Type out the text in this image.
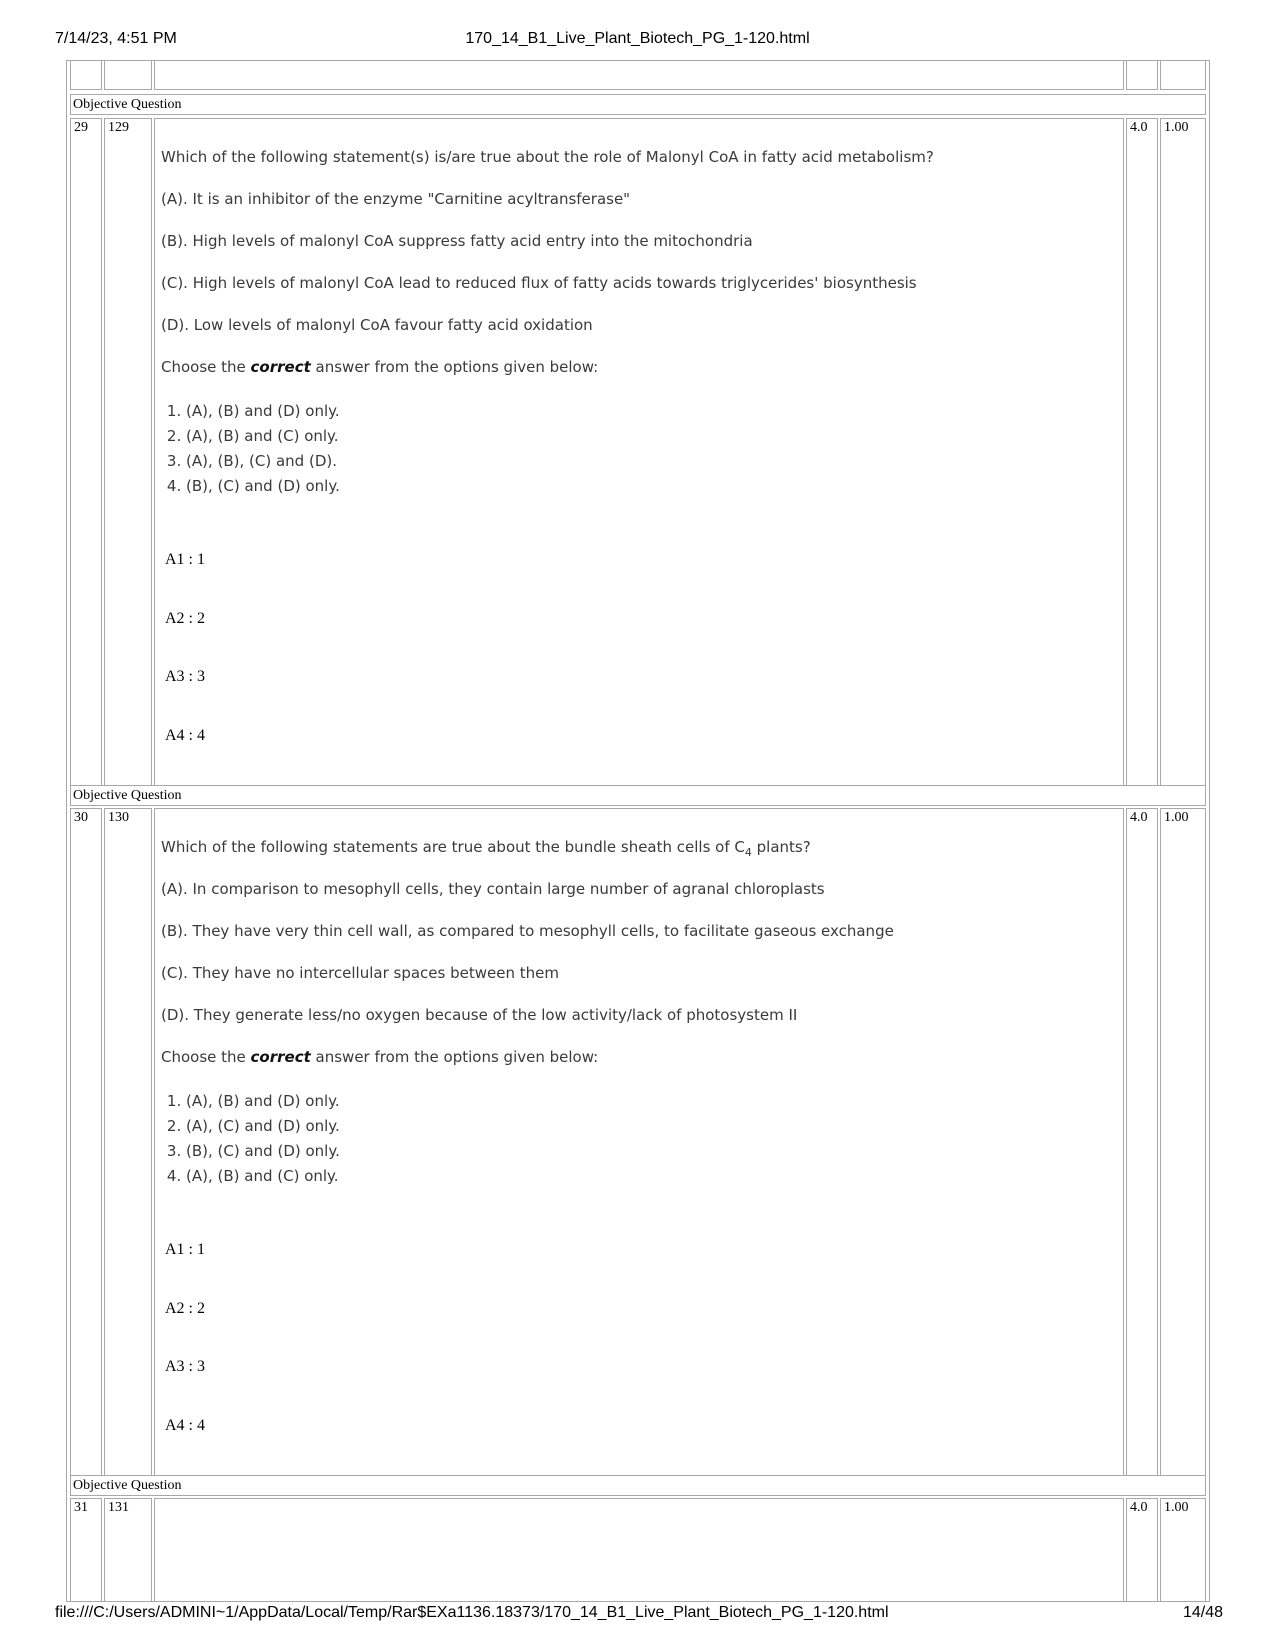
7/14/23, 4:51 PM	170_14_B1_Live_Plant_Biotech_PG_1-120.html
file:///C:/Users/ADMINI~1/AppData/Local/Temp/Rar$EXa1136.18373/170_14_B1_Live_Plant_Biotech_PG_1-120.html	14/48
Objective Question
29	129	4.0	1.00

Which of the following statement(s) is/are true about the role of Malonyl CoA in fatty acid metabolism?

(A). It is an inhibitor of the enzyme "Carnitine acyltransferase"

(B). High levels of malonyl CoA suppress fatty acid entry into the mitochondria

(C). High levels of malonyl CoA lead to reduced flux of fatty acids towards triglycerides' biosynthesis

(D). Low levels of malonyl CoA favour fatty acid oxidation

Choose the correct answer from the options given below:

1. (A), (B) and (D) only.
2. (A), (B) and (C) only.
3. (A), (B), (C) and (D).
4. (B), (C) and (D) only.
A1 : 1
A2 : 2
A3 : 3
A4 : 4
Objective Question
30	130	4.0	1.00

Which of the following statements are true about the bundle sheath cells of $C_4$ plants?

(A). In comparison to mesophyll cells, they contain large number of agranal chloroplasts

(B). They have very thin cell wall, as compared to mesophyll cells, to facilitate gaseous exchange

(C). They have no intercellular spaces between them

(D). They generate less/no oxygen because of the low activity/lack of photosystem II

Choose the correct answer from the options given below:

1. (A), (B) and (D) only.
2. (A), (C) and (D) only.
3. (B), (C) and (D) only.
4. (A), (B) and (C) only.
A1 : 1
A2 : 2
A3 : 3
A4 : 4
Objective Question
31	131	4.0	1.00
